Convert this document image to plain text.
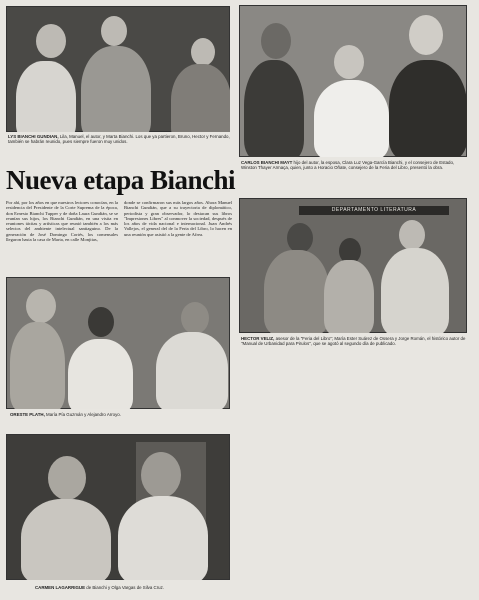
LYS BIANCHI GUNDIAN, Lila, Manuel, el autor, y Marta Bianchi. Los que ya partieron, Bruno, Hector y Fernando, también se habrán reunido, pues siempre fueron muy unidos.
CARLOS BIANCHI MAYT hijo del autor, la esposa, Clara Luz Vega-García Bianchi, y el consejero de Estado, Winston Thayer Armaça, quien, junto a Horacio Oñate, consejero de la Feria del Libro, presentó la obra.
Nueva etapa Bianchi
Por ahí, por los años en que nuestros lectores conocían, en la residencia del Presidente de la Corte Suprema de la época, don Ernesto Bianchi Tupper y de doña Laura Gundián, se se reunían sus hijos, los Bianchi Gundián, en una visita en reuniones tácitas y artísticas que reunió también a los más selectos del ambiente intelectual santiaguino. De la generación de José Domingo Cortés, los comensales llegaron hasta la casa de Marta, en calle Monjitas,
donde se confirmaron sus más largos años. Ahora Manuel Bianchi Gundián, que a su trayectoria de diplomático, periodista y gran observador, lo destacan sus libros "Impresiones Libres" al conmover la sociedad, después de los años de vida nacional e internacional. Juan Andrés Vallejos, el general del de la Feria del Libro, lo hacen en una reunión que asistió a la gente de Afrea.
ORESTE PLATH, María Pía Guzmán y Alejandro Arroyo.
DEPARTAMENTO LITERATURA
HECTOR VELIZ, asesor de la "Feria del Libro"; María Ester Suárez de Ossera y Jorge Román, el histórico autor de "Manual de Urbanidad para Pirulos", que se agotó al segundo día de publicado.
CARMEN LAGARRIGUE de Bianchi y Olga Vargas de Silva Cruz.
